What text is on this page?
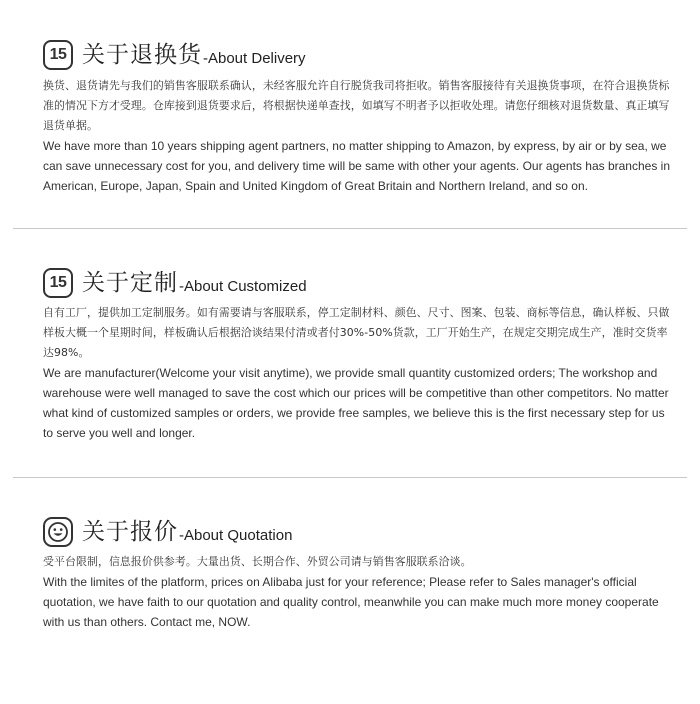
15 关于退换货 -About Delivery

换货、退货请先与我们的销售客服联系确认，未经客服允许自行脱货我司将拒收。销售客服接待有关退换货事项，在符合退换货标准的情况下方才受理。仓库接到退货要求后，将根据快递单查找，如填写不明者予以拒收处理。请您仔细核对退货数量、真正填写退货单据。

We have more than 10 years shipping agent partners, no matter shipping to Amazon, by express, by air or by sea, we can save unnecessary cost for you, and delivery time will be same with other your agents. Our agents has branches in American, Europe, Japan, Spain and United Kingdom of Great Britain and Northern Ireland, and so on.

15 关于定制 -About Customized

自有工厂，提供加工定制服务。如有需要请与客服联系，停工定制材料、颜色、尺寸、图案、包装、商标等信息，确认样板、只做样板大概一个星期时间，样板确认后根据洽谈结果付清或者付30%-50%货款，工厂开始生产，在规定交期完成生产，准时交货率达98%。

We are manufacturer(Welcome your visit anytime), we provide small quantity customized orders; The workshop and warehouse were well managed to save the cost which our prices will be competitive than other competitors. No matter what kind of customized samples or orders, we provide free samples, we believe this is the first necessary step for us to serve you well and longer.

关于报价 -About Quotation

受平台限制，信息报价供参考。大量出货、长期合作、外贸公司请与销售客服联系洽谈。

With the limites of the platform, prices on Alibaba just for your reference; Please refer to Sales manager's official quotation, we have faith to our quotation and quality control, meanwhile you can make much more money cooperate with us than others. Contact me, NOW.
